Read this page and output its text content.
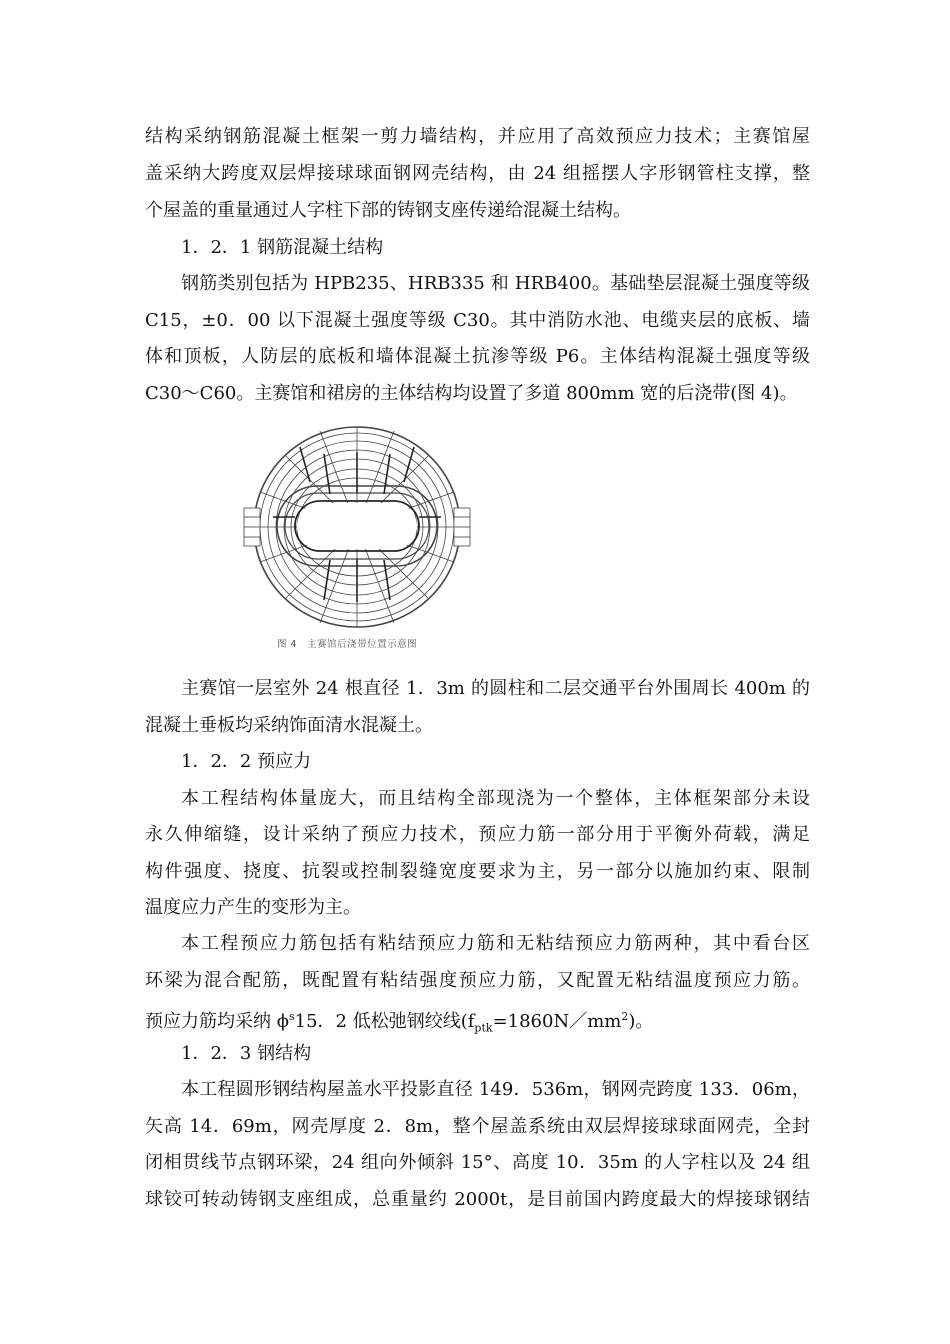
结构采纳钢筋混凝土框架一剪力墙结构，并应用了高效预应力技术；主赛馆屋
盖采纳大跨度双层焊接球球面钢网壳结构，由 24 组摇摆人字形钢管柱支撑，整
个屋盖的重量通过人字柱下部的铸钢支座传递给混凝土结构。
1．2．1 钢筋混凝土结构
钢筋类别包括为 HPB235、HRB335 和 HRB400。基础垫层混凝土强度等级
C15，±0．00 以下混凝土强度等级 C30。其中消防水池、电缆夹层的底板、墙
体和顶板，人防层的底板和墙体混凝土抗渗等级 P6。主体结构混凝土强度等级
C30～C60。主赛馆和裙房的主体结构均设置了多道 800mm 宽的后浇带(图 4)。
图 4　主赛馆后浇带位置示意图
主赛馆一层室外 24 根直径 1．3m 的圆柱和二层交通平台外围周长 400m 的
混凝土垂板均采纳饰面清水混凝土。
1．2．2 预应力
本工程结构体量庞大，而且结构全部现浇为一个整体，主体框架部分未设
永久伸缩缝，设计采纳了预应力技术，预应力筋一部分用于平衡外荷载，满足
构件强度、挠度、抗裂或控制裂缝宽度要求为主，另一部分以施加约束、限制
温度应力产生的变形为主。
本工程预应力筋包括有粘结预应力筋和无粘结预应力筋两种，其中看台区
环梁为混合配筋，既配置有粘结强度预应力筋，又配置无粘结温度预应力筋。
预应力筋均采纳 $\phi^s15$．2 低松弛钢绞线$(f_{ptk}=1860N/mm^2)$。
1．2．3 钢结构
本工程圆形钢结构屋盖水平投影直径 149．536m，钢网壳跨度 133．06m，
矢高 14．69m，网壳厚度 2．8m，整个屋盖系统由双层焊接球球面网壳，全封
闭相贯线节点钢环梁，24 组向外倾斜 15°、高度 10．35m 的人字柱以及 24 组
球铰可转动铸钢支座组成，总重量约 2000t，是目前国内跨度最大的焊接球钢结
